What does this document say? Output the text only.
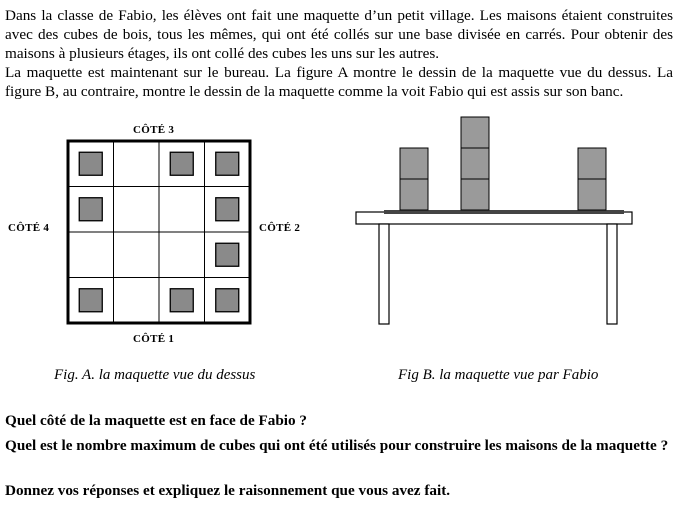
Dans la classe de Fabio, les élèves ont fait une maquette d’un petit village. Les maisons étaient construites avec des cubes de bois, tous les mêmes, qui ont été collés sur une base divisée en carrés. Pour obtenir des maisons à plusieurs étages, ils ont collé des cubes les uns sur les autres.

La maquette est maintenant sur le bureau. La figure A montre le dessin de la maquette vue du dessus. La figure B, au contraire, montre le dessin de la maquette comme la voit Fabio qui est assis sur son banc.

CÔTÉ 3
CÔTÉ 4	CÔTÉ 2
CÔTÉ 1
Fig. A. la maquette vue du dessus	Fig B. la maquette vue par Fabio

Quel côté de la maquette est en face de Fabio ?

Quel est le nombre maximum de cubes qui ont été utilisés pour construire les maisons de la maquette ?

Donnez vos réponses et expliquez le raisonnement que vous avez fait.
